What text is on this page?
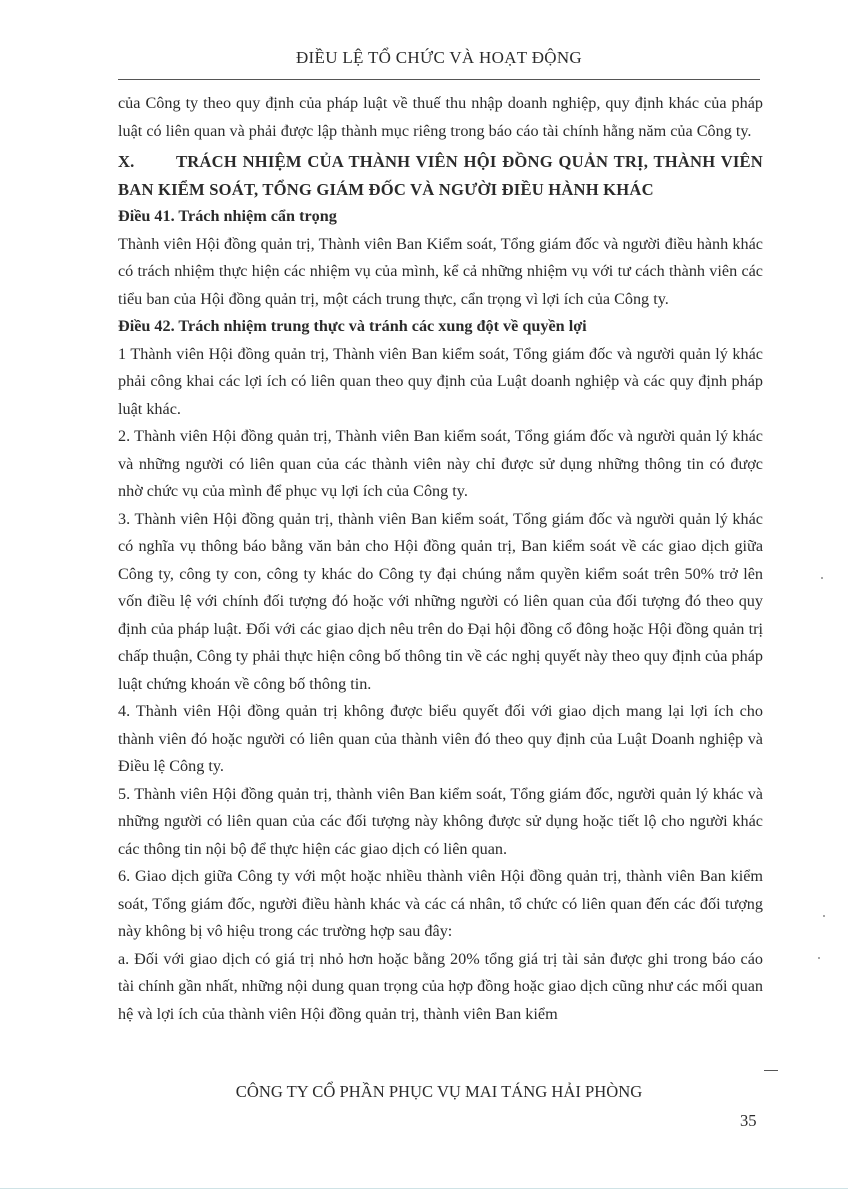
ĐIỀU LỆ TỔ CHỨC VÀ HOẠT ĐỘNG

của Công ty theo quy định của pháp luật về thuế thu nhập doanh nghiệp, quy định khác của pháp luật có liên quan và phải được lập thành mục riêng trong báo cáo tài chính hằng năm của Công ty.

X. TRÁCH NHIỆM CỦA THÀNH VIÊN HỘI ĐỒNG QUẢN TRỊ, THÀNH VIÊN BAN KIỂM SOÁT, TỔNG GIÁM ĐỐC VÀ NGƯỜI ĐIỀU HÀNH KHÁC

Điều 41. Trách nhiệm cẩn trọng

Thành viên Hội đồng quản trị, Thành viên Ban Kiểm soát, Tổng giám đốc và người điều hành khác có trách nhiệm thực hiện các nhiệm vụ của mình, kể cả những nhiệm vụ với tư cách thành viên các tiểu ban của Hội đồng quản trị, một cách trung thực, cẩn trọng vì lợi ích của Công ty.

Điều 42. Trách nhiệm trung thực và tránh các xung đột về quyền lợi

1 Thành viên Hội đồng quản trị, Thành viên Ban kiểm soát, Tổng giám đốc và người quản lý khác phải công khai các lợi ích có liên quan theo quy định của Luật doanh nghiệp và các quy định pháp luật khác.

2. Thành viên Hội đồng quản trị, Thành viên Ban kiểm soát, Tổng giám đốc và người quản lý khác và những người có liên quan của các thành viên này chỉ được sử dụng những thông tin có được nhờ chức vụ của mình để phục vụ lợi ích của Công ty.

3. Thành viên Hội đồng quản trị, thành viên Ban kiểm soát, Tổng giám đốc và người quản lý khác có nghĩa vụ thông báo bằng văn bản cho Hội đồng quản trị, Ban kiểm soát về các giao dịch giữa Công ty, công ty con, công ty khác do Công ty đại chúng nắm quyền kiểm soát trên 50% trở lên vốn điều lệ với chính đối tượng đó hoặc với những người có liên quan của đối tượng đó theo quy định của pháp luật. Đối với các giao dịch nêu trên do Đại hội đồng cổ đông hoặc Hội đồng quản trị chấp thuận, Công ty phải thực hiện công bố thông tin về các nghị quyết này theo quy định của pháp luật chứng khoán về công bố thông tin.

4. Thành viên Hội đồng quản trị không được biểu quyết đối với giao dịch mang lại lợi ích cho thành viên đó hoặc người có liên quan của thành viên đó theo quy định của Luật Doanh nghiệp và Điều lệ Công ty.

5. Thành viên Hội đồng quản trị, thành viên Ban kiểm soát, Tổng giám đốc, người quản lý khác và những người có liên quan của các đối tượng này không được sử dụng hoặc tiết lộ cho người khác các thông tin nội bộ để thực hiện các giao dịch có liên quan.

6. Giao dịch giữa Công ty với một hoặc nhiều thành viên Hội đồng quản trị, thành viên Ban kiểm soát, Tổng giám đốc, người điều hành khác và các cá nhân, tổ chức có liên quan đến các đối tượng này không bị vô hiệu trong các trường hợp sau đây:

a. Đối với giao dịch có giá trị nhỏ hơn hoặc bằng 20% tổng giá trị tài sản được ghi trong báo cáo tài chính gần nhất, những nội dung quan trọng của hợp đồng hoặc giao dịch cũng như các mối quan hệ và lợi ích của thành viên Hội đồng quản trị, thành viên Ban kiểm

CÔNG TY CỔ PHẦN PHỤC VỤ MAI TÁNG HẢI PHÒNG
35
